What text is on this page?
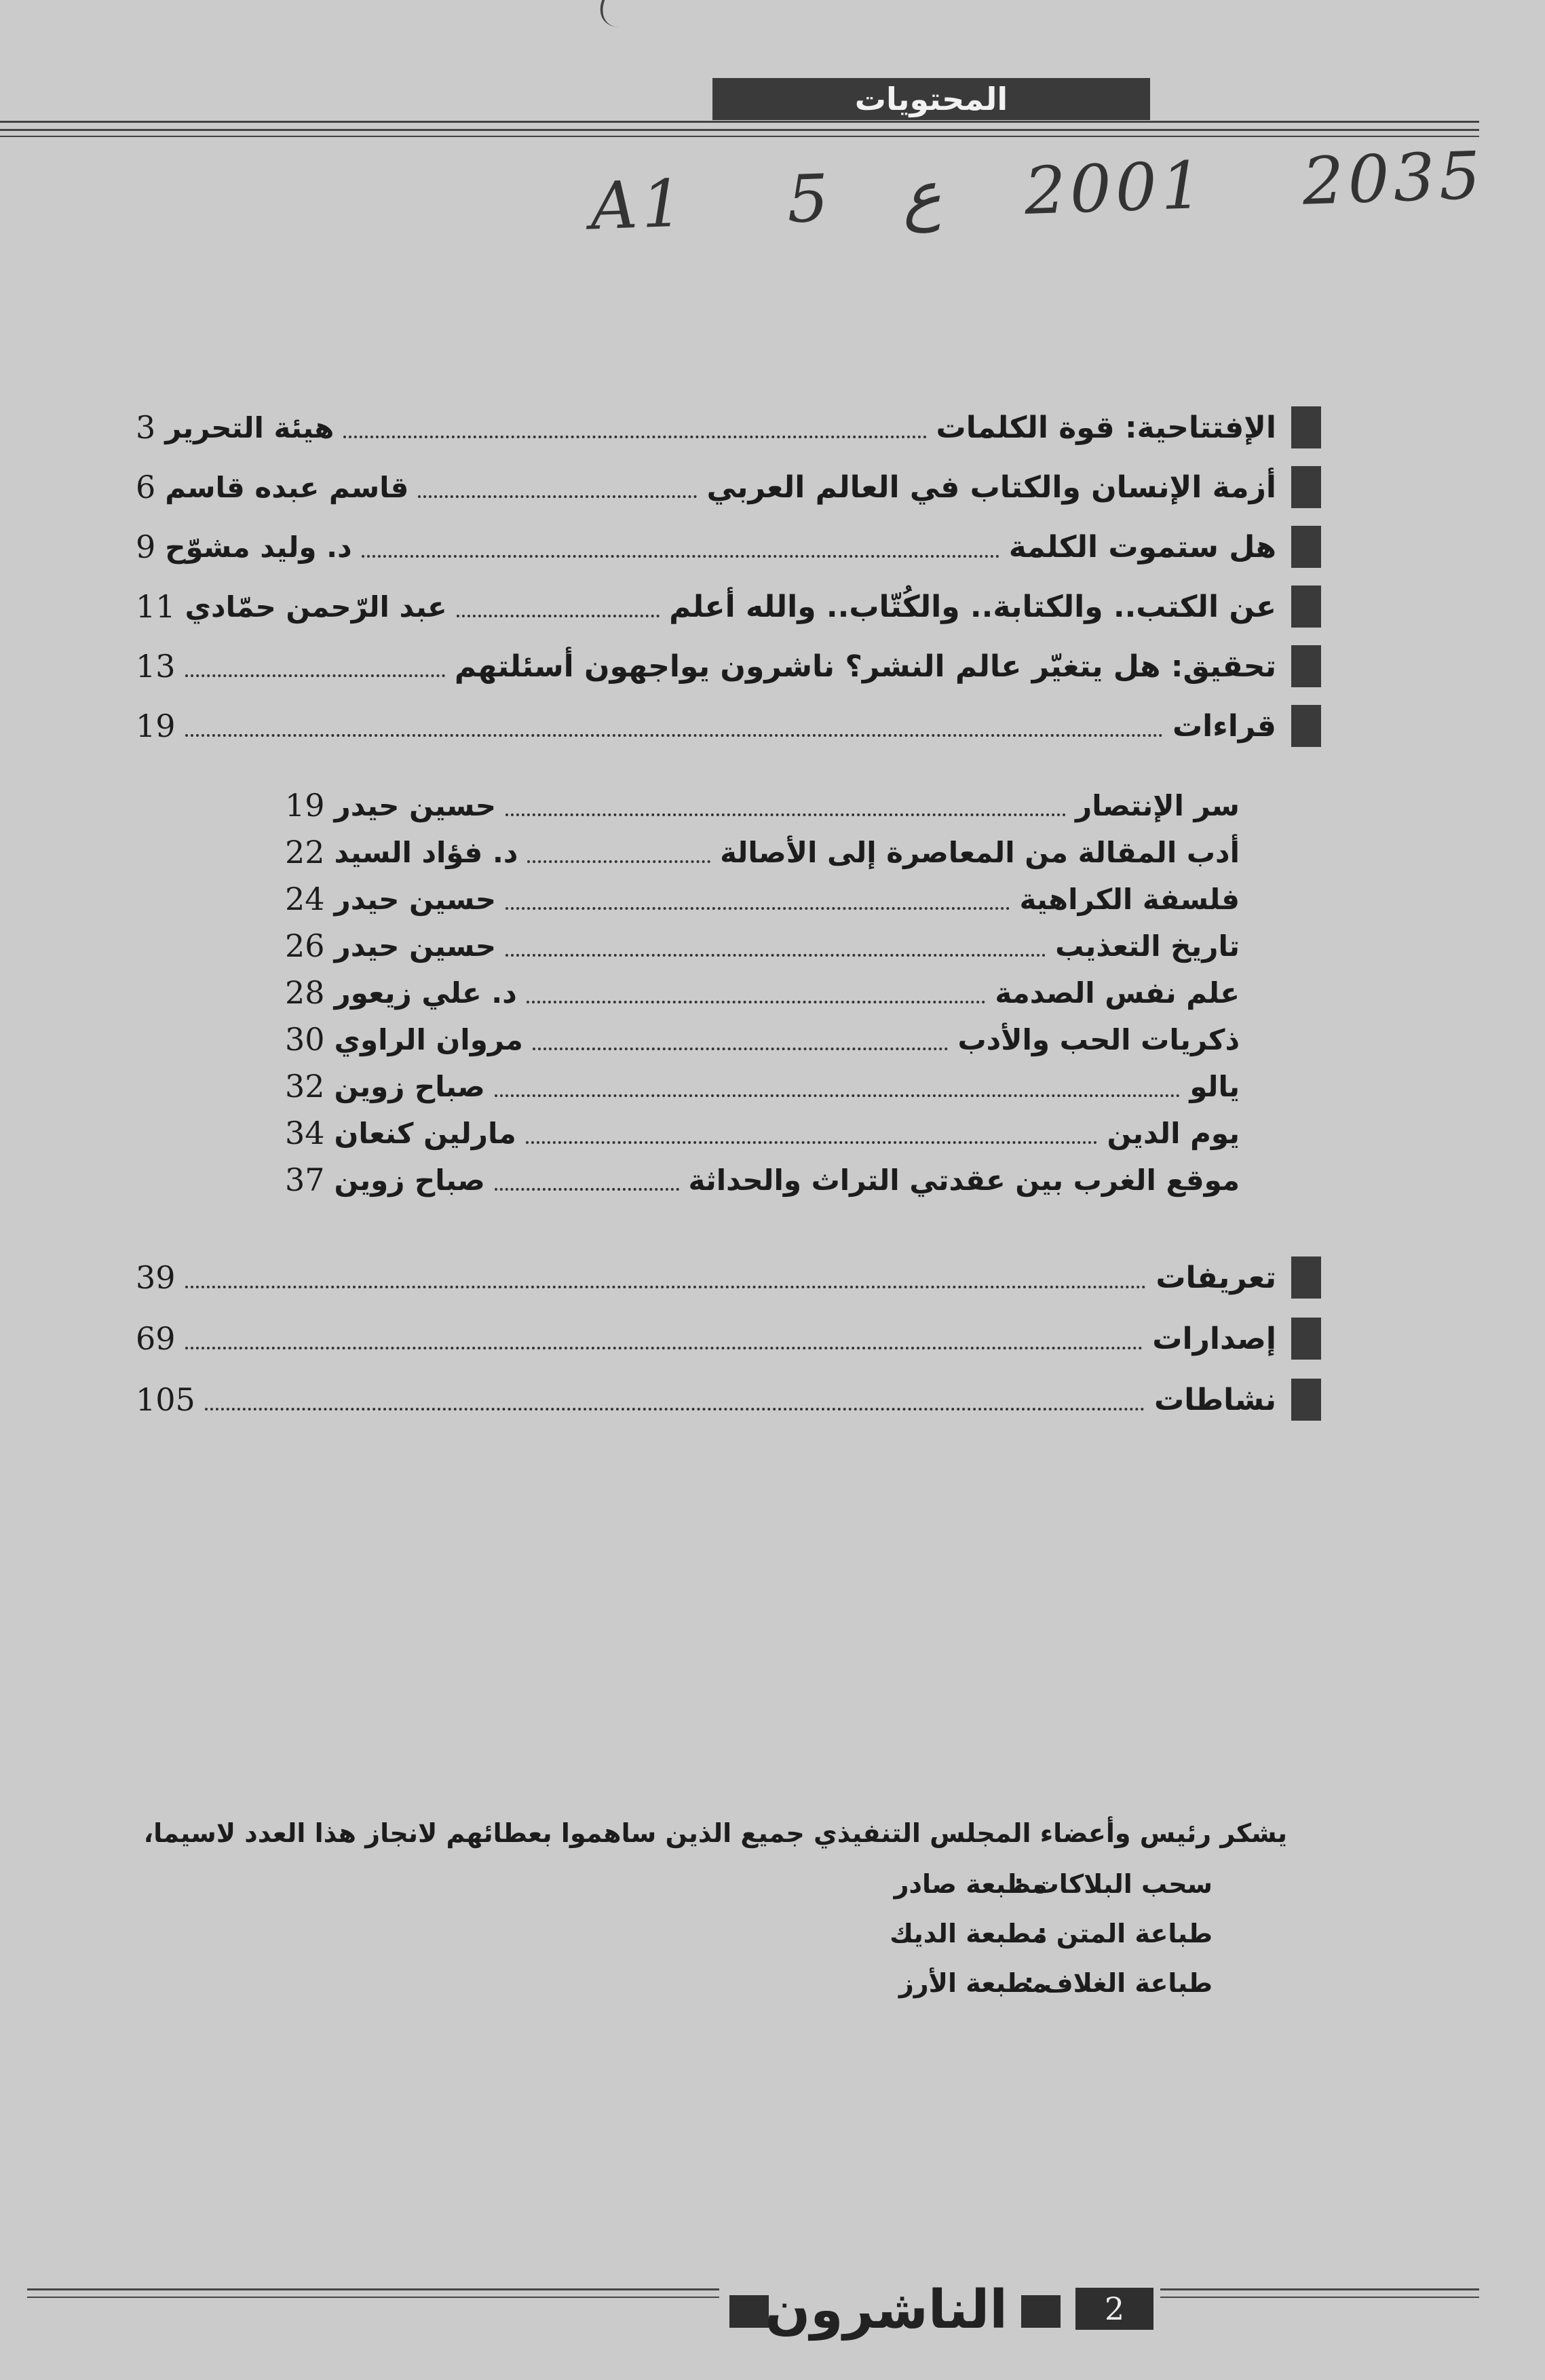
المحتويات
A1 5 ع 2001 2035
الإفتتاحية: قوة الكلمات
هيئة التحرير
3
أزمة الإنسان والكتاب في العالم العربي
قاسم عبده قاسم
6
هل ستموت الكلمة
د. وليد مشوّح
9
عن الكتب.. والكتابة.. والكُتّاب.. والله أعلم
عبد الرّحمن حمّادي
11
تحقيق: هل يتغيّر عالم النشر؟ ناشرون يواجهون أسئلتهم
13
قراءات
19
سر الإنتصار
حسين حيدر
19
أدب المقالة من المعاصرة إلى الأصالة
د. فؤاد السيد
22
فلسفة الكراهية
حسين حيدر
24
تاريخ التعذيب
حسين حيدر
26
علم نفس الصدمة
د. علي زيعور
28
ذكريات الحب والأدب
مروان الراوي
30
يالو
صباح زوين
32
يوم الدين
مارلين كنعان
34
موقع الغرب بين عقدتي التراث والحداثة
صباح زوين
37
تعريفات
39
إصدارات
69
نشاطات
105
يشكر رئيس وأعضاء المجلس التنفيذي جميع الذين ساهموا بعطائهم لانجاز هذا العدد لاسيما،
سحب البلاكات : مطبعة صادر
طباعة المتن : مطبعة الديك
طباعة الغلاف : مطبعة الأرز
الناشرون	2
